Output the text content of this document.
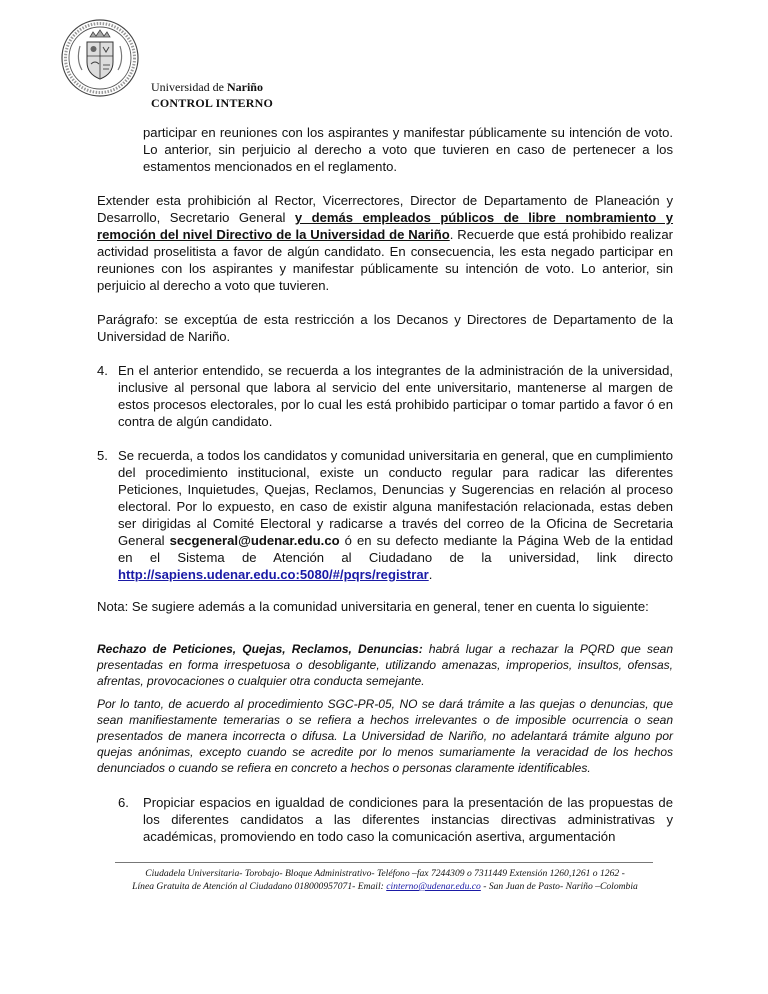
Universidad de Nariño
CONTROL INTERNO

participar en reuniones con los aspirantes y manifestar públicamente su intención de voto. Lo anterior, sin perjuicio al derecho a voto que tuvieren en caso de pertenecer a los estamentos mencionados en el reglamento.

Extender esta prohibición al Rector, Vicerrectores, Director de Departamento de Planeación y Desarrollo, Secretario General y demás empleados públicos de libre nombramiento y remoción del nivel Directivo de la Universidad de Nariño. Recuerde que está prohibido realizar actividad proselitista a favor de algún candidato. En consecuencia, les esta negado participar en reuniones con los aspirantes y manifestar públicamente su intención de voto. Lo anterior, sin perjuicio al derecho a voto que tuvieren.

Parágrafo: se exceptúa de esta restricción a los Decanos y Directores de Departamento de la Universidad de Nariño.

4. En el anterior entendido, se recuerda a los integrantes de la administración de la universidad, inclusive al personal que labora al servicio del ente universitario, mantenerse al margen de estos procesos electorales, por lo cual les está prohibido participar o tomar partido a favor ó en contra de algún candidato.

5. Se recuerda, a todos los candidatos y comunidad universitaria en general, que en cumplimiento del procedimiento institucional, existe un conducto regular para radicar las diferentes Peticiones, Inquietudes, Quejas, Reclamos, Denuncias y Sugerencias en relación al proceso electoral. Por lo expuesto, en caso de existir alguna manifestación relacionada, estas deben ser dirigidas al Comité Electoral y radicarse a través del correo de la Oficina de Secretaria General secgeneral@udenar.edu.co ó en su defecto mediante la Página Web de la entidad en el Sistema de Atención al Ciudadano de la universidad, link directo http://sapiens.udenar.edu.co:5080/#/pqrs/registrar.

Nota: Se sugiere además a la comunidad universitaria en general, tener en cuenta lo siguiente:

Rechazo de Peticiones, Quejas, Reclamos, Denuncias: habrá lugar a rechazar la PQRD que sean presentadas en forma irrespetuosa o desobligante, utilizando amenazas, improperios, insultos, ofensas, afrentas, provocaciones o cualquier otra conducta semejante.

Por lo tanto, de acuerdo al procedimiento SGC-PR-05, NO se dará trámite a las quejas o denuncias, que sean manifiestamente temerarias o se refiera a hechos irrelevantes o de imposible ocurrencia o sean presentados de manera incorrecta o difusa. La Universidad de Nariño, no adelantará trámite alguno por quejas anónimas, excepto cuando se acredite por lo menos sumariamente la veracidad de los hechos denunciados o cuando se refiera en concreto a hechos o personas claramente identificables.

6. Propiciar espacios en igualdad de condiciones para la presentación de las propuestas de los diferentes candidatos a las diferentes instancias directivas administrativas y académicas, promoviendo en todo caso la comunicación asertiva, argumentación

Ciudadela Universitaria- Torobajo- Bloque Administrativo- Teléfono –fax 7244309 o 7311449 Extensión 1260,1261 o 1262 -
Línea Gratuita de Atención al Ciudadano 018000957071- Email: cinterno@udenar.edu.co - San Juan de Pasto- Nariño –Colombia
